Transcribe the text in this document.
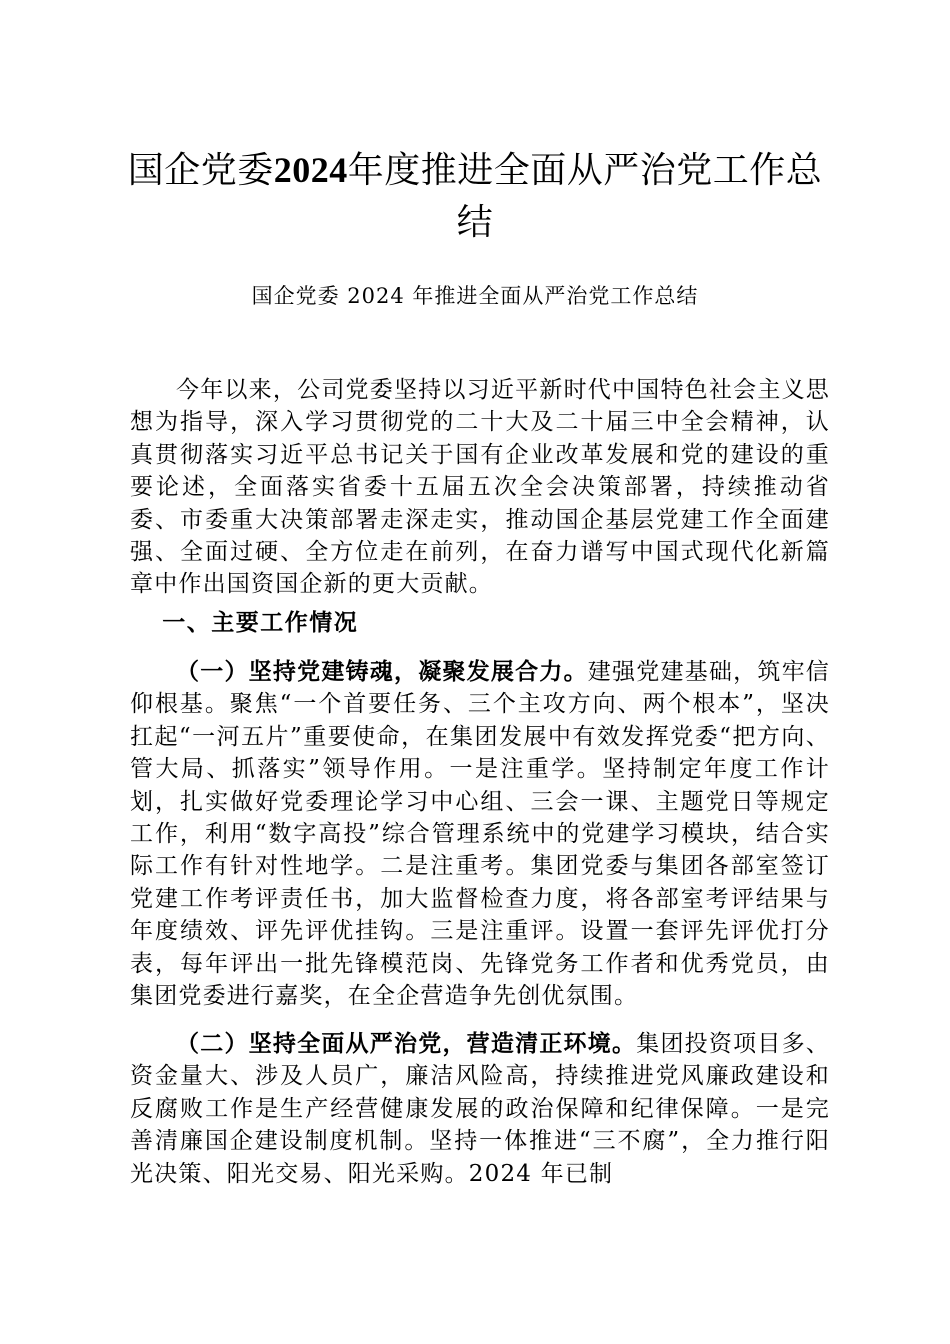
国企党委2024年度推进全面从严治党工作总结

国企党委 2024 年推进全面从严治党工作总结

今年以来，公司党委坚持以习近平新时代中国特色社会主义思想为指导，深入学习贯彻党的二十大及二十届三中全会精神，认真贯彻落实习近平总书记关于国有企业改革发展和党的建设的重要论述，全面落实省委十五届五次全会决策部署，持续推动省委、市委重大决策部署走深走实，推动国企基层党建工作全面建强、全面过硬、全方位走在前列，在奋力谱写中国式现代化新篇章中作出国资国企新的更大贡献。

一、主要工作情况

（一）坚持党建铸魂，凝聚发展合力。建强党建基础，筑牢信仰根基。聚焦“一个首要任务、三个主攻方向、两个根本”，坚决扛起“一河五片”重要使命，在集团发展中有效发挥党委“把方向、管大局、抓落实”领导作用。一是注重学。坚持制定年度工作计划，扎实做好党委理论学习中心组、三会一课、主题党日等规定工作，利用“数字高投”综合管理系统中的党建学习模块，结合实际工作有针对性地学。二是注重考。集团党委与集团各部室签订党建工作考评责任书，加大监督检查力度，将各部室考评结果与年度绩效、评先评优挂钩。三是注重评。设置一套评先评优打分表，每年评出一批先锋模范岗、先锋党务工作者和优秀党员，由集团党委进行嘉奖，在全企营造争先创优氛围。

（二）坚持全面从严治党，营造清正环境。集团投资项目多、资金量大、涉及人员广，廉洁风险高，持续推进党风廉政建设和反腐败工作是生产经营健康发展的政治保障和纪律保障。一是完善清廉国企建设制度机制。坚持一体推进“三不腐”，全力推行阳光决策、阳光交易、阳光采购。2024 年已制
